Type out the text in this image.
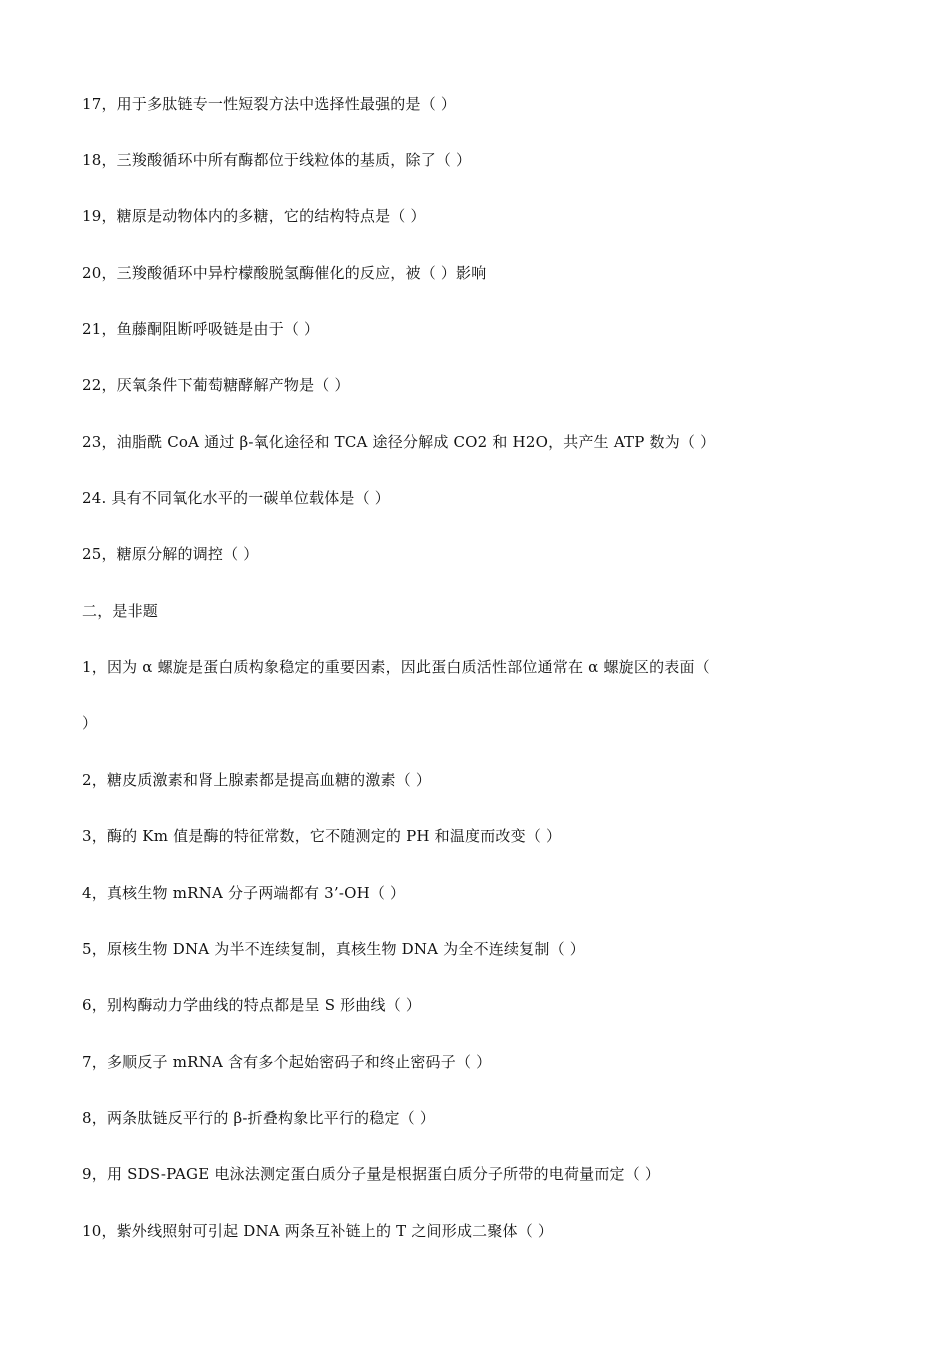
17，用于多肽链专一性短裂方法中选择性最强的是（ ）
18，三羧酸循环中所有酶都位于线粒体的基质，除了（ ）
19，糖原是动物体内的多糖，它的结构特点是（ ）
20，三羧酸循环中异柠檬酸脱氢酶催化的反应，被（ ）影响
21，鱼藤酮阻断呼吸链是由于（ ）
22，厌氧条件下葡萄糖酵解产物是（ ）
23，油脂酰 CoA 通过 β-氧化途径和 TCA 途径分解成 CO2 和 H2O，共产生 ATP 数为（ ）
24. 具有不同氧化水平的一碳单位载体是（ ）
25，糖原分解的调控（ ）
二，是非题
1，因为 α 螺旋是蛋白质构象稳定的重要因素，因此蛋白质活性部位通常在 α 螺旋区的表面（
）
2，糖皮质激素和肾上腺素都是提高血糖的激素（ ）
3，酶的 Km 值是酶的特征常数，它不随测定的 PH 和温度而改变（ ）
4，真核生物 mRNA 分子两端都有 3’-OH（ ）
5，原核生物 DNA 为半不连续复制，真核生物 DNA 为全不连续复制（ ）
6，别构酶动力学曲线的特点都是呈 S 形曲线（ ）
7，多顺反子 mRNA 含有多个起始密码子和终止密码子（ ）
8，两条肽链反平行的 β-折叠构象比平行的稳定（ ）
9，用 SDS-PAGE 电泳法测定蛋白质分子量是根据蛋白质分子所带的电荷量而定（ ）
10，紫外线照射可引起 DNA 两条互补链上的 T 之间形成二聚体（ ）
